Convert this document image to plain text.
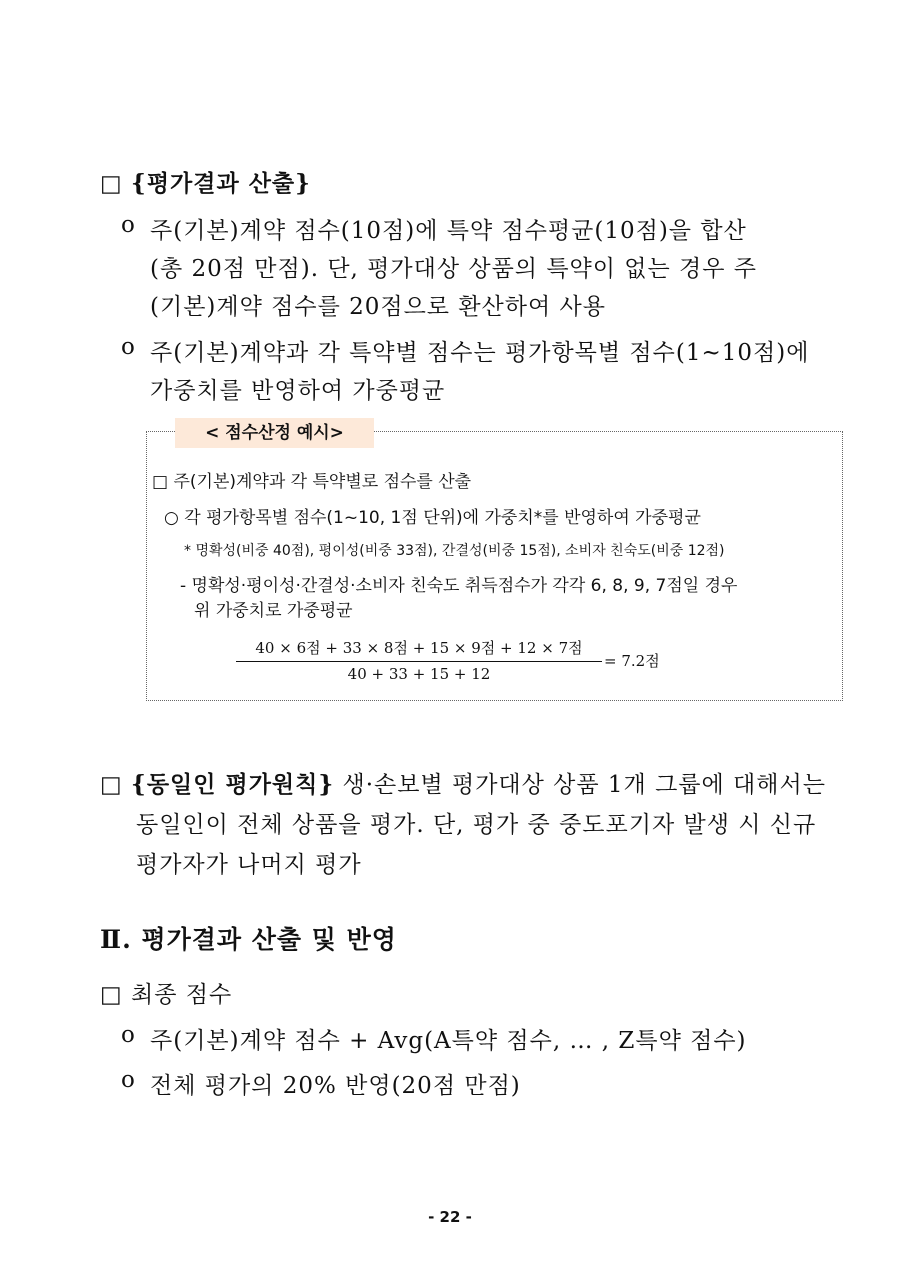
□ {평가결과 산출}
o 주(기본)계약 점수(10점)에 특약 점수평균(10점)을 합산
(총 20점 만점). 단, 평가대상 상품의 특약이 없는 경우 주
(기본)계약 점수를 20점으로 환산하여 사용
o 주(기본)계약과 각 특약별 점수는 평가항목별 점수(1~10점)에
가중치를 반영하여 가중평균
< 점수산정 예시>
□ 주(기본)계약과 각 특약별로 점수를 산출
○ 각 평가항목별 점수(1~10, 1점 단위)에 가중치*를 반영하여 가중평균
* 명확성(비중 40점), 평이성(비중 33점), 간결성(비중 15점), 소비자 친숙도(비중 12점)
- 명확성·평이성·간결성·소비자 친숙도 취득점수가 각각 6, 8, 9, 7점일 경우
위 가중치로 가중평균
40 × 6점 + 33 × 8점 + 15 × 9점 + 12 × 7점
40 + 33 + 15 + 12
= 7.2점
□ {동일인 평가원칙} 생·손보별 평가대상 상품 1개 그룹에 대해서는
동일인이 전체 상품을 평가. 단, 평가 중 중도포기자 발생 시 신규
평가자가 나머지 평가
Ⅱ. 평가결과 산출 및 반영
□ 최종 점수
o 주(기본)계약 점수 + Avg(A특약 점수, … , Z특약 점수)
o 전체 평가의 20% 반영(20점 만점)
- 22 -
